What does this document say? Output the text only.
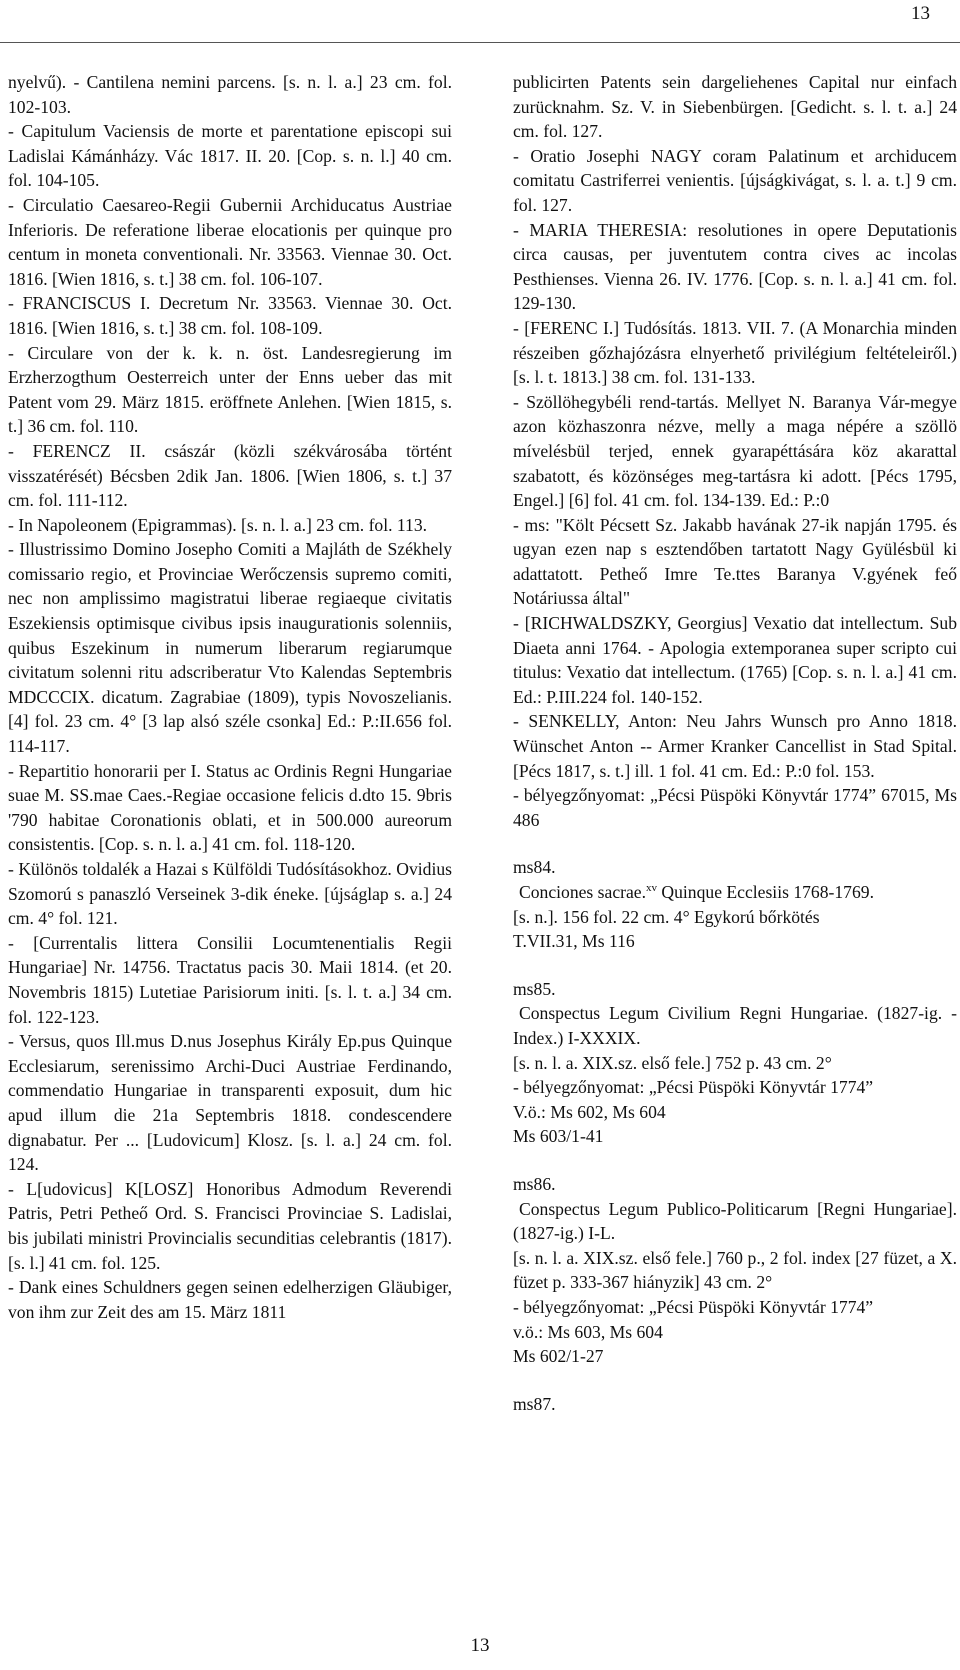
13

nyelvű). - Cantilena nemini parcens. [s. n. l. a.] 23 cm. fol. 102-103.

- Capitulum Vaciensis de morte et parentatione episcopi sui Ladislai Kámánházy. Vác 1817. II. 20. [Cop. s. n. l.] 40 cm. fol. 104-105.

- Circulatio Caesareo-Regii Gubernii Archiducatus Austriae Inferioris. De referatione liberae elocationis per quinque pro centum in moneta conventionali. Nr. 33563. Viennae 30. Oct. 1816. [Wien 1816, s. t.] 38 cm. fol. 106-107.

- FRANCISCUS I. Decretum Nr. 33563. Viennae 30. Oct. 1816. [Wien 1816, s. t.] 38 cm. fol. 108-109.

- Circulare von der k. k. n. öst. Landesregierung im Erzherzogthum Oesterreich unter der Enns ueber das mit Patent vom 29. März 1815. eröffnete Anlehen. [Wien 1815, s. t.] 36 cm. fol. 110.

- FERENCZ II. császár (közli székvárosába történt visszatérését) Bécsben 2dik Jan. 1806. [Wien 1806, s. t.] 37 cm. fol. 111-112.

- In Napoleonem (Epigrammas). [s. n. l. a.] 23 cm. fol. 113.

- Illustrissimo Domino Josepho Comiti a Majláth de Székhely comissario regio, et Provinciae Werőczensis supremo comiti, nec non amplissimo magistratui liberae regiaeque civitatis Eszekiensis optimisque civibus ipsis inaugurationis solenniis, quibus Eszekinum in numerum liberarum regiarumque civitatum solenni ritu adscriberatur Vto Kalendas Septembris MDCCCIX. dicatum. Zagrabiae (1809), typis Novoszelianis. [4] fol. 23 cm. 4° [3 lap alsó széle csonka] Ed.: P.:II.656 fol. 114-117.

- Repartitio honorarii per I. Status ac Ordinis Regni Hungariae suae M. SS.mae Caes.-Regiae occasione felicis d.dto 15. 9bris '790 habitae Coronationis oblati, et in 500.000 aureorum consistentis. [Cop. s. n. l. a.] 41 cm. fol. 118-120.

- Különös toldalék a Hazai s Külföldi Tudósításokhoz. Ovidius Szomorú s panaszló Verseinek 3-dik éneke. [újságlap s. a.] 24 cm. 4° fol. 121.

- [Currentalis littera Consilii Locumtenentialis Regii Hungariae] Nr. 14756. Tractatus pacis 30. Maii 1814. (et 20. Novembris 1815) Lutetiae Parisiorum initi. [s. l. t. a.] 34 cm. fol. 122-123.

- Versus, quos Ill.mus D.nus Josephus Király Ep.pus Quinque Ecclesiarum, serenissimo Archi-Duci Austriae Ferdinando, commendatio Hungariae in transparenti exposuit, dum hic apud illum die 21a Septembris 1818. condescendere dignabatur. Per ... [Ludovicum] Klosz. [s. l. a.] 24 cm. fol. 124.

- L[udovicus] K[LOSZ] Honoribus Admodum Reverendi Patris, Petri Petheő Ord. S. Francisci Provinciae S. Ladislai, bis jubilati ministri Provincialis secunditias celebrantis (1817). [s. l.] 41 cm. fol. 125.

- Dank eines Schuldners gegen seinen edelherzigen Gläubiger, von ihm zur Zeit des am 15. März 1811

publicirten Patents sein dargeliehenes Capital nur einfach zurücknahm. Sz. V. in Siebenbürgen. [Gedicht. s. l. t. a.] 24 cm. fol. 127.

- Oratio Josephi NAGY coram Palatinum et archiducem comitatu Castriferrei venientis. [újságkivágat, s. l. a. t.] 9 cm. fol. 127.

- MARIA THERESIA: resolutiones in opere Deputationis circa causas, per juventutem contra cives ac incolas Pesthienses. Vienna 26. IV. 1776. [Cop. s. n. l. a.] 41 cm. fol. 129-130.

- [FERENC I.] Tudósítás. 1813. VII. 7. (A Monarchia minden részeiben gőzhajózásra elnyerhető privilégium feltételeiről.) [s. l. t. 1813.] 38 cm. fol. 131-133.

- Szöllöhegybéli rend-tartás. Mellyet N. Baranya Vár-megye azon közhaszonra nézve, melly a maga népére a szöllö mívelésbül terjed, ennek gyarapéttására köz akarattal szabatott, és közönséges meg-tartásra ki adott. [Pécs 1795, Engel.] [6] fol. 41 cm. fol. 134-139. Ed.: P.:0

- ms: "Költ Pécsett Sz. Jakabb havának 27-ik napján 1795. és ugyan ezen nap s esztendőben tartatott Nagy Gyülésbül ki adattatott. Petheő Imre Te.ttes Baranya V.gyének feő Notáriussa által"

- [RICHWALDSZKY, Georgius] Vexatio dat intellectum. Sub Diaeta anni 1764. - Apologia extemporanea super scripto cui titulus: Vexatio dat intellectum. (1765) [Cop. s. n. l. a.] 41 cm. Ed.: P.III.224 fol. 140-152.

- SENKELLY, Anton: Neu Jahrs Wunsch pro Anno 1818. Wünschet Anton -- Armer Kranker Cancellist in Stad Spital. [Pécs 1817, s. t.] ill. 1 fol. 41 cm. Ed.: P.:0 fol. 153.

- bélyegzőnyomat: „Pécsi Püspöki Könyvtár 1774” 67015, Ms 486

ms84.

Conciones sacrae.$^{xv}$ Quinque Ecclesiis 1768-1769.

[s. n.]. 156 fol. 22 cm. 4° Egykorú bőrkötés

T.VII.31, Ms 116

ms85.

Conspectus Legum Civilium Regni Hungariae. (1827-ig. - Index.) I-XXXIX.

[s. n. l. a. XIX.sz. első fele.] 752 p. 43 cm. 2°

- bélyegzőnyomat: „Pécsi Püspöki Könyvtár 1774”

V.ö.: Ms 602, Ms 604

Ms 603/1-41

ms86.

Conspectus Legum Publico-Politicarum [Regni Hungariae]. (1827-ig.) I-L.

[s. n. l. a. XIX.sz. első fele.] 760 p., 2 fol. index [27 füzet, a X. füzet p. 333-367 hiányzik] 43 cm. 2°

- bélyegzőnyomat: „Pécsi Püspöki Könyvtár 1774”

v.ö.: Ms 603, Ms 604

Ms 602/1-27

ms87.

13
